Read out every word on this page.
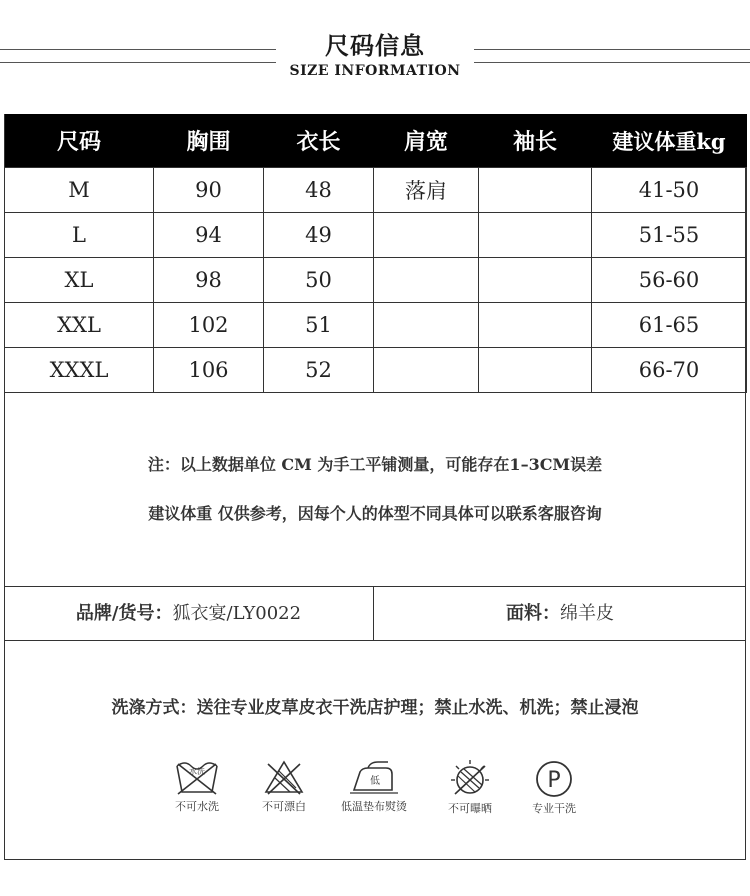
尺码信息
SIZE INFORMATION
尺码	胸围	衣长	肩宽	袖长	建议体重kg
M	90	48	落肩		41-50
L	94	49			51-55
XL	98	50			56-60
XXL	102	51			61-65
XXXL	106	52			66-70
注：以上数据单位 CM 为手工平铺测量，可能存在1–3CM误差
建议体重 仅供参考，因每个人的体型不同具体可以联系客服咨询
品牌/货号：狐衣宴/LY0022	面料：绵羊皮
洗涤方式：送往专业皮草皮衣干洗店护理；禁止水洗、机洗；禁止浸泡
水洗
不可水洗	不可漂白
低
低温垫布熨烫	不可曝晒
P
专业干洗
